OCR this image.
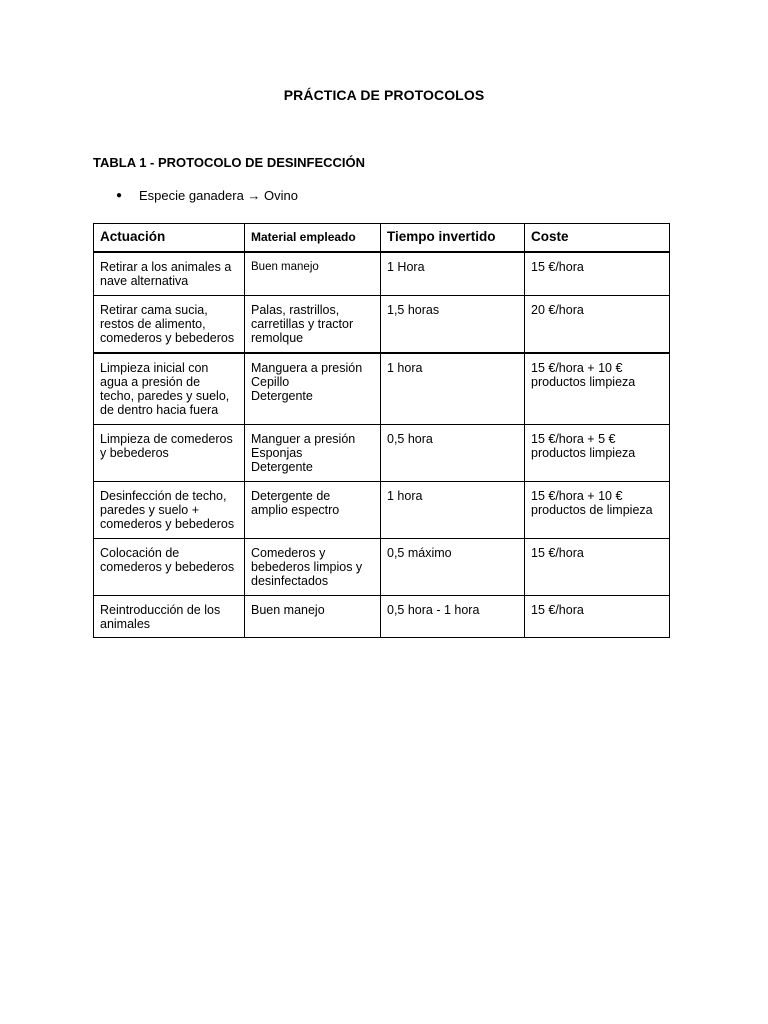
PRÁCTICA DE PROTOCOLOS
TABLA 1 - PROTOCOLO DE DESINFECCIÓN
●	Especie ganadera → Ovino
Actuación	Material empleado	Tiempo invertido	Coste

Retirar a los animales a
nave alternativa	Buen manejo	1 Hora	15 €/hora

Retirar cama sucia,
restos de alimento,
comederos y bebederos	Palas, rastrillos,
carretillas y tractor
remolque	1,5 horas	20 €/hora

Limpieza inicial con
agua a presión de
techo, paredes y suelo,
de dentro hacia fuera	Manguera a presión
Cepillo
Detergente	1 hora	15 €/hora + 10 €
productos limpieza

Limpieza de comederos
y bebederos	Manguer a presión
Esponjas
Detergente	0,5 hora	15 €/hora + 5 €
productos limpieza

Desinfección de techo,
paredes y suelo +
comederos y bebederos	Detergente de
amplio espectro	1 hora	15 €/hora + 10 €
productos de limpieza

Colocación de
comederos y bebederos	Comederos y
bebederos limpios y
desinfectados	0,5 máximo	15 €/hora

Reintroducción de los
animales	Buen manejo	0,5 hora - 1 hora	15 €/hora
